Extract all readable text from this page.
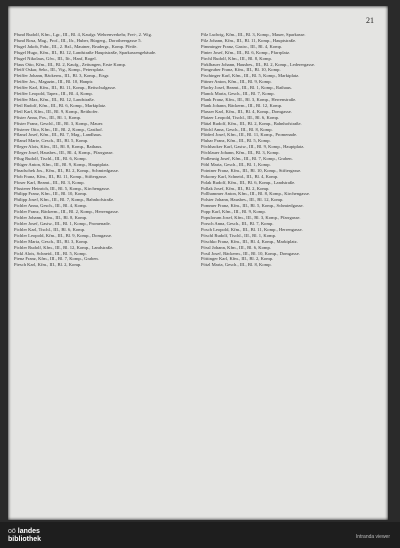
21

Pfund Rudolf, Kfm., Lgr., III., Bl. 4, Kaufgr. Wehrenverkehr, Frei-, 2. Wig.

Pfund Rosa, Mag., Prof., III., Ifr., Huber, Bürgerg., Dorotheergasse 5.

Pfugel Jakob, Fabr., III., 2. Bzl., Mautner, Brudergr., Komp. Pfeife.

Pfugel Hugo, Kfm., III., Bl. 12, Landstraße Hauptstraße, Sparkassengebäude.

Pfugel Nikolaus, Gfw., III., Ifr., Hanf, Rogel.

Pfaus Otto, Kfm., III., Bl. 2, Kaufg., Zeitungen, Erste Komp.

Pfeiff Oskar, Sekr., III., Vig., Komp., Petersplatz.

Pfeiffer Johann, Bäckerm., III., Bl. 3, Komp., Eisgr.

Pfeiffer Jos., Magazin., III., Bl. 10, Hanptr.

Pfeiffer Karl, Kfm., III., Bl. 11, Komp., Reitschulgasse.

Pfeiffer Leopold, Tapez., III., Bl. 4, Komp.

Pfeiffer Max, Kfm., III., Bl. 12, Landstraße.

Pfeil Rudolf, Kfm., III., Bl. 6, Komp., Marktplatz.

Pfeil Karl, Kfm., III., Bl. 9, Komp., Reithofer.

Pfister Anna, Pos., III., Bl. 1, Komp.

Pfister Franz, Geschl., III., Bl. 3, Komp., Mauer.

Pfisterer Otto, Kfm., III., Bl. 2, Komp., Gasthof.

Pflanzl Josef, Kfm., III., Bl. 7, Mag., Landhaus.

Pflanzl Marie, Gesch., III., Bl. 5, Komp.

Pfleger Alois, Kfm., III., Bl. 8, Komp., Rathaus.

Pfleger Josef, Hausbes., III., Bl. 4, Komp., Pfarrgasse.

Pflug Rudolf, Tischl., III., Bl. 6, Komp.

Pflüger Anton, Kfm., III., Bl. 9, Komp., Hauptplatz.

Pfnadschek Jos., Kfm., III., Bl. 2, Komp., Schmiedgasse.

Pfob Franz, Kfm., III., Bl. 11, Komp., Stiftergasse.

Pfoser Karl, Beamt., III., Bl. 3, Komp.

Pfusterer Heinrich, III., Bl. 5, Komp., Kirchengasse.

Philipp Franz, Kfm., III., Bl. 10, Komp.

Philipp Josef, Kfm., III., Bl. 7, Komp., Bahnhofstraße.

Pichler Anna, Gesch., III., Bl. 4, Komp.

Pichler Franz, Bäckerm., III., Bl. 2, Komp., Herrengasse.

Pichler Johann, Kfm., III., Bl. 8, Komp.

Pichler Josef, Gastw., III., Bl. 1, Komp., Promenade.

Pichler Karl, Tischl., III., Bl. 6, Komp.

Pichler Leopold, Kfm., III., Bl. 9, Komp., Domgasse.

Pichler Maria, Gesch., III., Bl. 3, Komp.

Pichler Rudolf, Kfm., III., Bl. 12, Komp., Landstraße.

Pickl Alois, Schneid., III., Bl. 5, Komp.

Pienz Franz, Kfm., III., Bl. 7, Komp., Graben.

Piesch Karl, Kfm., III., Bl. 2, Komp.

Pilz Ludwig, Kfm., III., Bl. 3, Komp., Mauer, Sparkasse.

Pilz Johann, Kfm., III., Bl. 11, Komp., Hauptstraße.

Pimminger Franz, Gastw., III., Bl. 4, Komp.

Pinter Josef, Kfm., III., Bl. 6, Komp., Pfarrplatz.

Pirchl Rudolf, Kfm., III., Bl. 8, Komp.

Pirklbauer Johann, Hausbes., III., Bl. 2, Komp., Lederergasse.

Pirngruber Franz, Kfm., III., Bl. 10, Komp.

Pischinger Karl, Kfm., III., Bl. 5, Komp., Marktplatz.

Pittner Anton, Kfm., III., Bl. 9, Komp.

Plachy Josef, Beamt., III., Bl. 1, Komp., Rathaus.

Planck Maria, Gesch., III., Bl. 7, Komp.

Plank Franz, Kfm., III., Bl. 3, Komp., Herrenstraße.

Plank Johann, Bäckerm., III., Bl. 12, Komp.

Plasser Karl, Kfm., III., Bl. 4, Komp., Domgasse.

Platzer Leopold, Tischl., III., Bl. 6, Komp.

Plätzl Rudolf, Kfm., III., Bl. 2, Komp., Bahnhofstraße.

Plöchl Anna, Gesch., III., Bl. 8, Komp.

Plöderl Josef, Kfm., III., Bl. 11, Komp., Promenade.

Pluhar Franz, Kfm., III., Bl. 5, Komp.

Pöchhacker Karl, Gastw., III., Bl. 9, Komp., Hauptplatz.

Pöchlauer Johann, Kfm., III., Bl. 3, Komp.

Podlesnig Josef, Kfm., III., Bl. 7, Komp., Graben.

Pöhl Maria, Gesch., III., Bl. 1, Komp.

Pointner Franz, Kfm., III., Bl. 10, Komp., Stiftergasse.

Pokorny Karl, Schneid., III., Bl. 4, Komp.

Polak Rudolf, Kfm., III., Bl. 6, Komp., Landstraße.

Pollak Josef, Kfm., III., Bl. 2, Komp.

Pollhammer Anton, Kfm., III., Bl. 8, Komp., Kirchengasse.

Polster Johann, Hausbes., III., Bl. 12, Komp.

Pommer Franz, Kfm., III., Bl. 5, Komp., Schmiedgasse.

Popp Karl, Kfm., III., Bl. 9, Komp.

Populorum Josef, Kfm., III., Bl. 3, Komp., Pfarrgasse.

Porsch Anna, Gesch., III., Bl. 7, Komp.

Posch Leopold, Kfm., III., Bl. 11, Komp., Herrengasse.

Pöschl Rudolf, Tischl., III., Bl. 1, Komp.

Pöschko Franz, Kfm., III., Bl. 4, Komp., Marktplatz.

Pössl Johann, Kfm., III., Bl. 6, Komp.

Postl Josef, Bäckerm., III., Bl. 10, Komp., Domgasse.

Pöttinger Karl, Kfm., III., Bl. 2, Komp.

Pötzl Maria, Gesch., III., Bl. 8, Komp.

oö landes
bibliothek	Intranda viewer
